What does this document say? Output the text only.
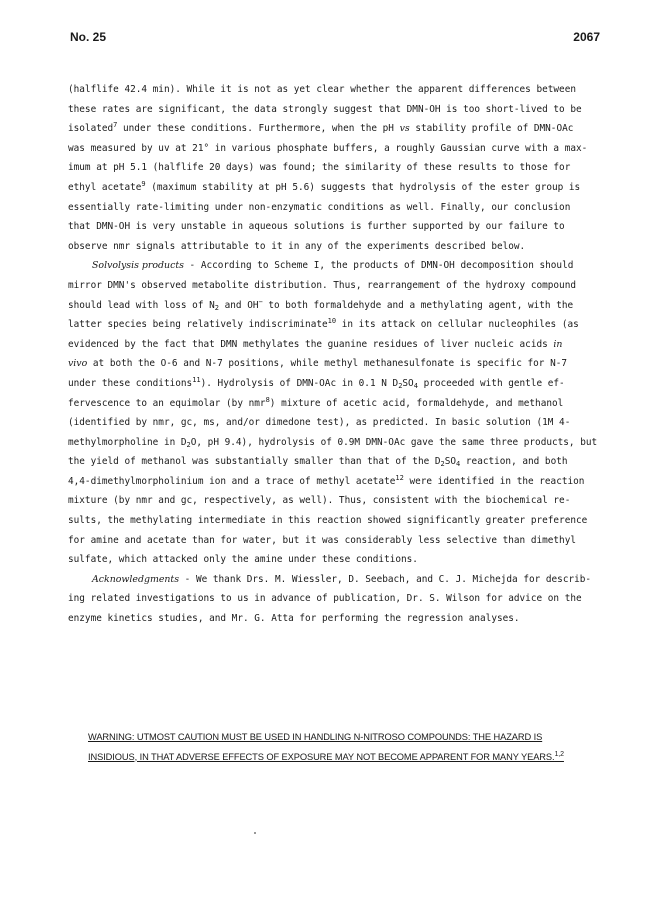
No. 25	2067
(halflife 42.4 min). While it is not as yet clear whether the apparent differences between
these rates are significant, the data strongly suggest that DMN-OH is too short-lived to be
isolated$^7$ under these conditions. Furthermore, when the pH vs stability profile of DMN-OAc
was measured by uv at 21° in various phosphate buffers, a roughly Gaussian curve with a max-
imum at pH 5.1 (halflife 20 days) was found; the similarity of these results to those for
ethyl acetate$^9$ (maximum stability at pH 5.6) suggests that hydrolysis of the ester group is
essentially rate-limiting under non-enzymatic conditions as well. Finally, our conclusion
that DMN-OH is very unstable in aqueous solutions is further supported by our failure to
observe nmr signals attributable to it in any of the experiments described below.
Solvolysis products - According to Scheme I, the products of DMN-OH decomposition should
mirror DMN's observed metabolite distribution. Thus, rearrangement of the hydroxy compound
should lead with loss of $N_2$ and OH− to both formaldehyde and a methylating agent, with the
latter species being relatively indiscriminate$^{10}$ in its attack on cellular nucleophiles (as
evidenced by the fact that DMN methylates the guanine residues of liver nucleic acids in
vivo at both the O-6 and N-7 positions, while methyl methanesulfonate is specific for N-7
under these conditions$^{11}$). Hydrolysis of DMN-OAc in 0.1 N $D_2SO_4$ proceeded with gentle ef-
fervescence to an equimolar (by nmr$^8$) mixture of acetic acid, formaldehyde, and methanol
(identified by nmr, gc, ms, and/or dimedone test), as predicted. In basic solution (1M 4-
methylmorpholine in $D_2O$, pH 9.4), hydrolysis of 0.9M DMN-OAc gave the same three products, but
the yield of methanol was substantially smaller than that of the $D_2SO_4$ reaction, and both
4,4-dimethylmorpholinium ion and a trace of methyl acetate$^{12}$ were identified in the reaction
mixture (by nmr and gc, respectively, as well). Thus, consistent with the biochemical re-
sults, the methylating intermediate in this reaction showed significantly greater preference
for amine and acetate than for water, but it was considerably less selective than dimethyl
sulfate, which attacked only the amine under these conditions.
Acknowledgments - We thank Drs. M. Wiessler, D. Seebach, and C. J. Michejda for describ-
ing related investigations to us in advance of publication, Dr. S. Wilson for advice on the
enzyme kinetics studies, and Mr. G. Atta for performing the regression analyses.
WARNING: UTMOST CAUTION MUST BE USED IN HANDLING N-NITROSO COMPOUNDS: THE HAZARD IS
INSIDIOUS, IN THAT ADVERSE EFFECTS OF EXPOSURE MAY NOT BECOME APPARENT FOR MANY YEARS.$^{1,2}$
